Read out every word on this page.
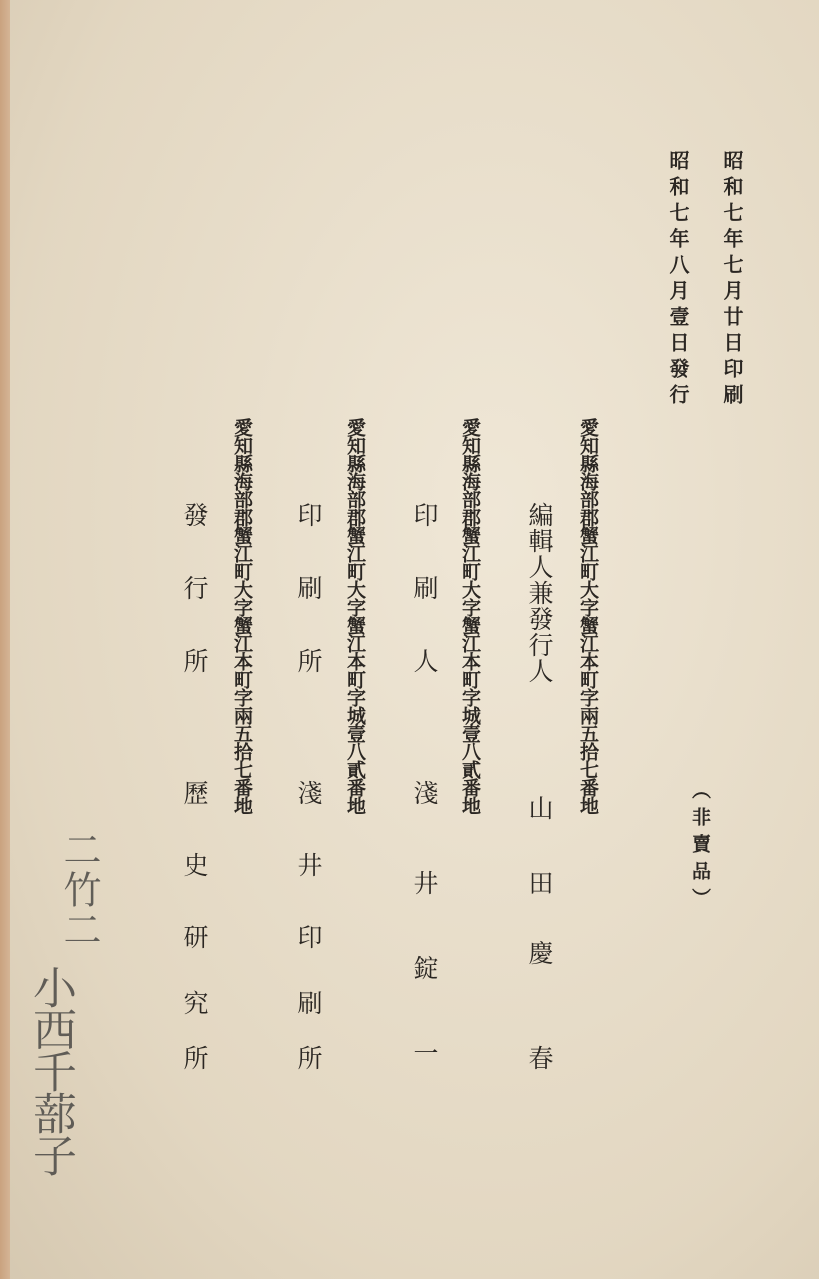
昭和七年七月廿日印刷
昭和七年八月壹日發行
（非賣品）
愛知縣海部郡蟹江町大字蟹江本町字兩五拾七番地
編輯人兼發行人
山
田
慶
春
愛知縣海部郡蟹江町大字蟹江本町字城壹八貳番地
印刷人
淺
井
錠
一
愛知縣海部郡蟹江町大字蟹江本町字城壹八貳番地
印刷所
淺
井
印
刷
所
愛知縣海部郡蟹江町大字蟹江本町字兩五拾七番地
發行所
歷
史
研
究
所
二竹二
小西千蔀子
